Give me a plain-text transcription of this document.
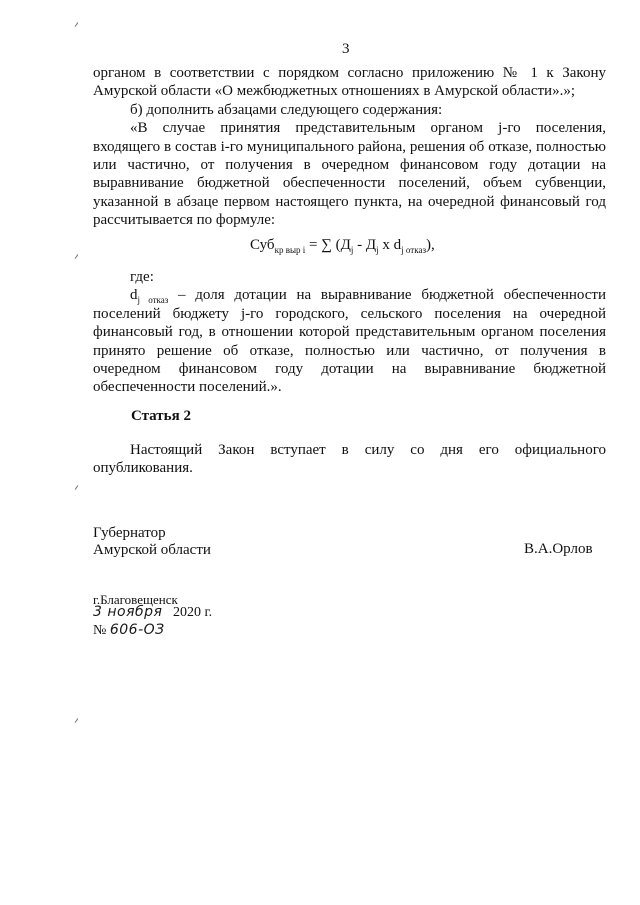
3

органом в соответствии с порядком согласно приложению № 1 к Закону Амурской области «О межбюджетных отношениях в Амурской области».»;

б) дополнить абзацами следующего содержания:

«В случае принятия представительным органом j-го поселения, входящего в состав i-го муниципального района, решения об отказе, полностью или частично, от получения в очередном финансовом году дотации на выравнивание бюджетной обеспеченности поселений, объем субвенции, указанной в абзаце первом настоящего пункта, на очередной финансовый год рассчитывается по формуле:

Суб$_{кр выр i}$ = ∑ ($Д_j - Д_j$ x $d_{j отказ}$),

где:

$d_{j отказ}$ – доля дотации на выравнивание бюджетной обеспеченности поселений бюджету j-го городского, сельского поселения на очередной финансовый год, в отношении которой представительным органом поселения принято решение об отказе, полностью или частично, от получения в очередном финансовом году дотации на выравнивание бюджетной обеспеченности поселений.».

Статья 2

Настоящий Закон вступает в силу со дня его официального опубликования.

Губернатор
Амурской области	В.А.Орлов
г.Благовещенск
3 ноября 2020 г.
№ 606-ОЗ
